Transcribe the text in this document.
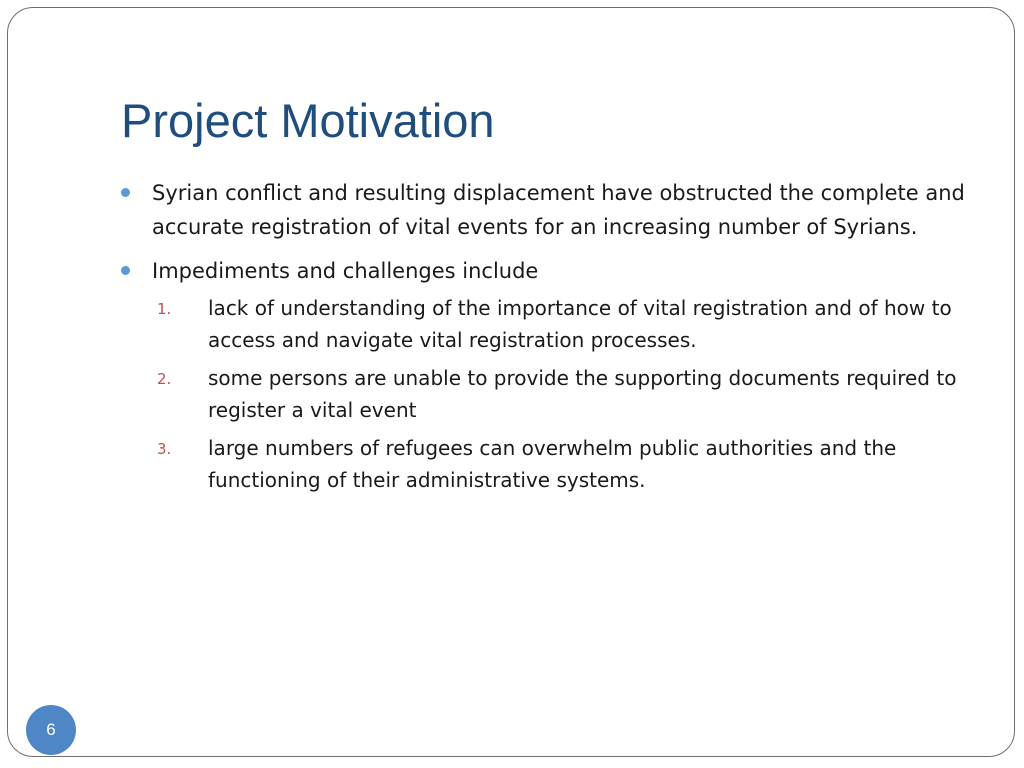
Project Motivation
Syrian conflict and resulting displacement have obstructed the complete and accurate registration of vital events for an increasing number of Syrians.
Impediments and challenges include
1. lack of understanding of the importance of vital registration and of how to access and navigate vital registration processes.
2. some persons are unable to provide the supporting documents required to register a vital event
3. large numbers of refugees can overwhelm public authorities and the functioning of their administrative systems.
6
